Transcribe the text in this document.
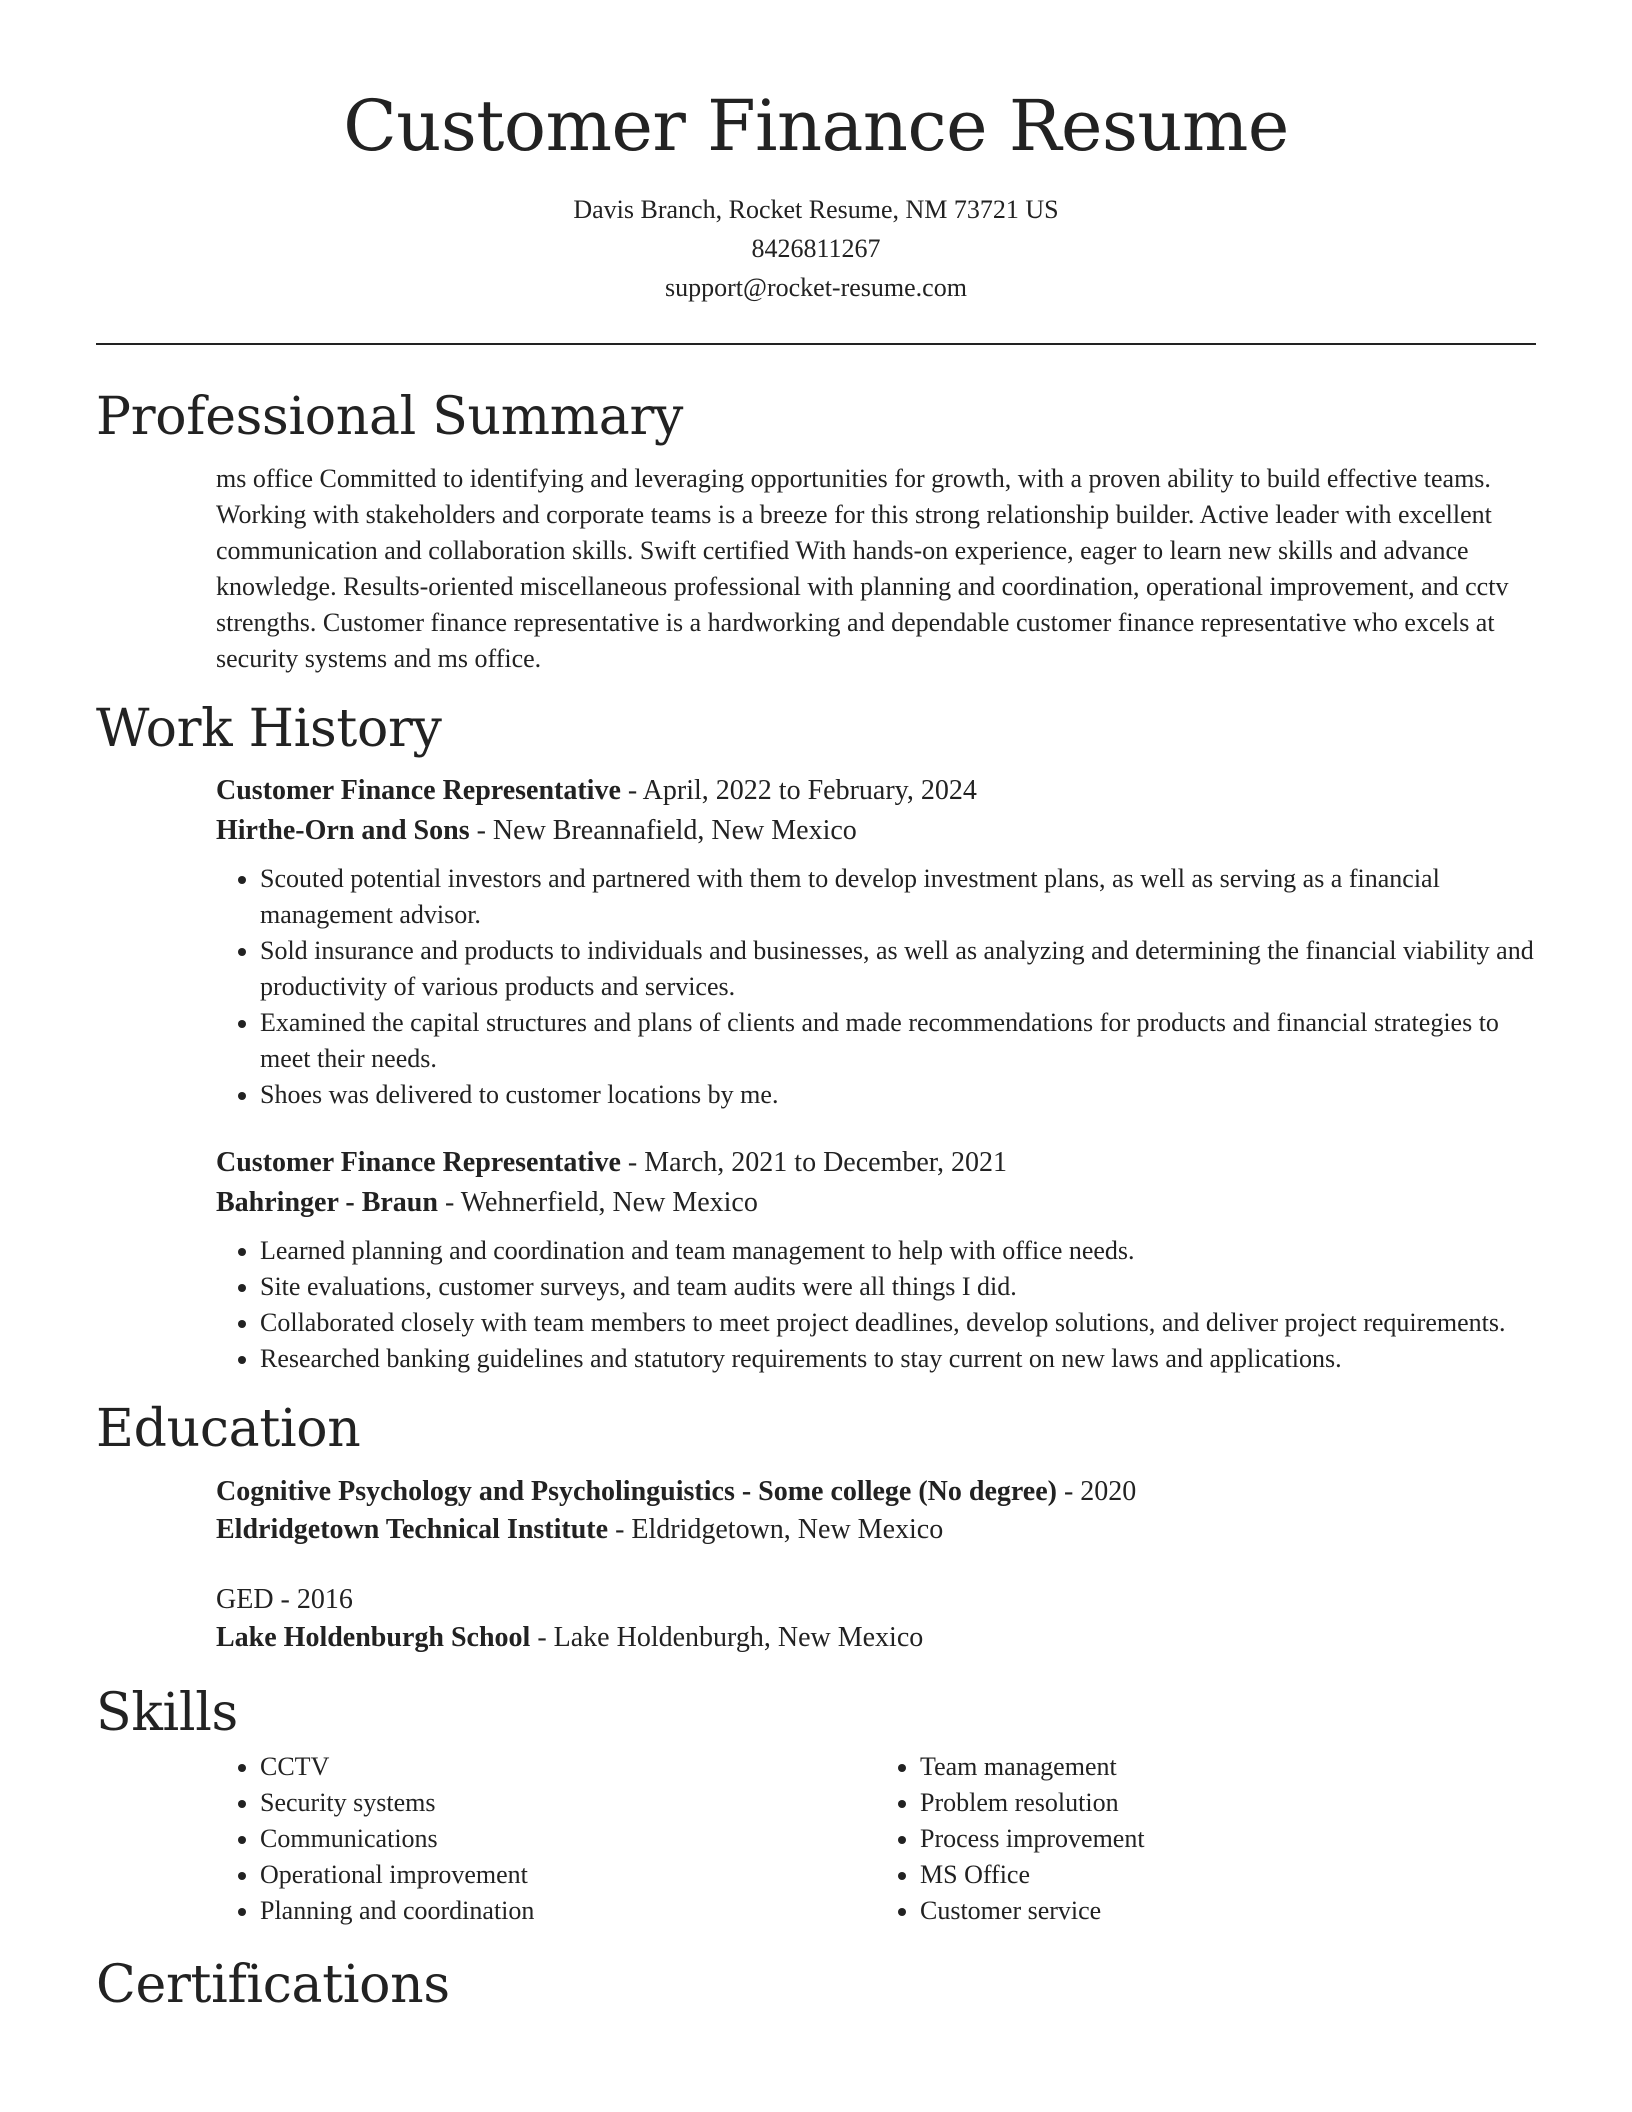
Customer Finance Resume
Davis Branch, Rocket Resume, NM 73721 US
8426811267
support@rocket-resume.com
Professional Summary

ms office Committed to identifying and leveraging opportunities for growth, with a proven ability to build effective teams. Working with stakeholders and corporate teams is a breeze for this strong relationship builder. Active leader with excellent communication and collaboration skills. Swift certified With hands-on experience, eager to learn new skills and advance knowledge. Results-oriented miscellaneous professional with planning and coordination, operational improvement, and cctv strengths. Customer finance representative is a hardworking and dependable customer finance representative who excels at security systems and ms office.

Work History

Customer Finance Representative - April, 2022 to February, 2024

Hirthe-Orn and Sons - New Breannafield, New Mexico

• Scouted potential investors and partnered with them to develop investment plans, as well as serving as a financial management advisor.
• Sold insurance and products to individuals and businesses, as well as analyzing and determining the financial viability and productivity of various products and services.
• Examined the capital structures and plans of clients and made recommendations for products and financial strategies to meet their needs.
• Shoes was delivered to customer locations by me.

Customer Finance Representative - March, 2021 to December, 2021

Bahringer - Braun - Wehnerfield, New Mexico

• Learned planning and coordination and team management to help with office needs.
• Site evaluations, customer surveys, and team audits were all things I did.
• Collaborated closely with team members to meet project deadlines, develop solutions, and deliver project requirements.
• Researched banking guidelines and statutory requirements to stay current on new laws and applications.
Education

Cognitive Psychology and Psycholinguistics - Some college (No degree) - 2020

Eldridgetown Technical Institute - Eldridgetown, New Mexico

GED - 2016

Lake Holdenburgh School - Lake Holdenburgh, New Mexico

Skills
• CCTV
• Security systems
• Communications
• Operational improvement
• Planning and coordination
• Team management
• Problem resolution
• Process improvement
• MS Office
• Customer service
Certifications
